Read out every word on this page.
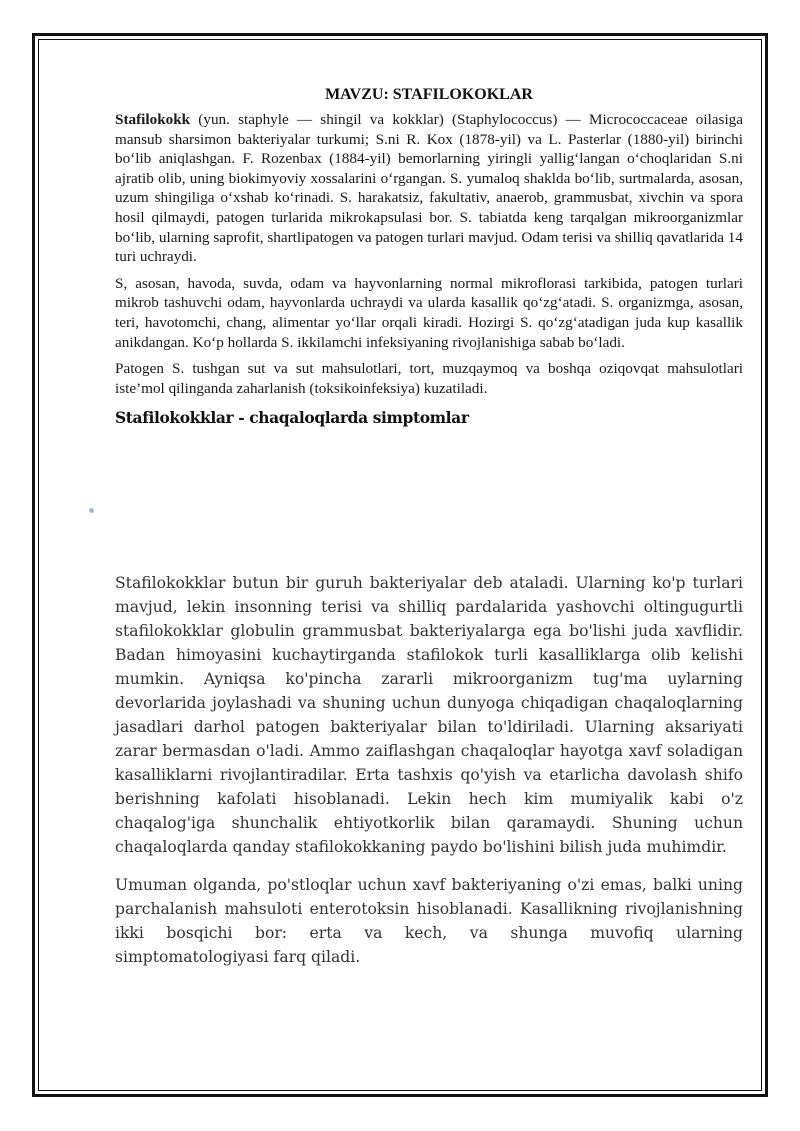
MAVZU: STAFILOKOKLAR

Stafilokokk (yun. staphyle — shingil va kokklar) (Staphylococcus) — Micrococcaceae oilasiga mansub sharsimon bakteriyalar turkumi; S.ni R. Kox (1878-yil) va L. Pasterlar (1880-yil) birinchi bo‘lib aniqlashgan. F. Rozenbax (1884-yil) bemorlarning yiringli yallig‘langan o‘choqlaridan S.ni ajratib olib, uning biokimyoviy xossalarini o‘rgangan. S. yumaloq shaklda bo‘lib, surtmalarda, asosan, uzum shingiliga o‘xshab ko‘rinadi. S. harakatsiz, fakultativ, anaerob, grammusbat, xivchin va spora hosil qilmaydi, patogen turlarida mikrokapsulasi bor. S. tabiatda keng tarqalgan mikroorganizmlar bo‘lib, ularning saprofit, shartlipatogen va patogen turlari mavjud. Odam terisi va shilliq qavatlarida 14 turi uchraydi.

S, asosan, havoda, suvda, odam va hayvonlarning normal mikroflorasi tarkibida, patogen turlari mikrob tashuvchi odam, hayvonlarda uchraydi va ularda kasallik qo‘zg‘atadi. S. organizmga, asosan, teri, havotomchi, chang, alimentar yo‘llar orqali kiradi. Hozirgi S. qo‘zg‘atadigan juda kup kasallik anikdangan. Ko‘p hollarda S. ikkilamchi infeksiyaning rivojlanishiga sabab bo‘ladi.

Patogen S. tushgan sut va sut mahsulotlari, tort, muzqaymoq va boshqa oziqovqat mahsulotlari iste’mol qilinganda zaharlanish (toksikoinfeksiya) kuzatiladi.

Stafilokokklar - chaqaloqlarda simptomlar

Stafilokokklar butun bir guruh bakteriyalar deb ataladi. Ularning ko'p turlari mavjud, lekin insonning terisi va shilliq pardalarida yashovchi oltingugurtli stafilokokklar globulin grammusbat bakteriyalarga ega bo'lishi juda xavflidir. Badan himoyasini kuchaytirganda stafilokok turli kasalliklarga olib kelishi mumkin. Ayniqsa ko'pincha zararli mikroorganizm tug'ma uylarning devorlarida joylashadi va shuning uchun dunyoga chiqadigan chaqaloqlarning jasadlari darhol patogen bakteriyalar bilan to'ldiriladi. Ularning aksariyati zarar bermasdan o'ladi. Ammo zaiflashgan chaqaloqlar hayotga xavf soladigan kasalliklarni rivojlantiradilar. Erta tashxis qo'yish va etarlicha davolash shifo berishning kafolati hisoblanadi. Lekin hech kim mumiyalik kabi o'z chaqalog'iga shunchalik ehtiyotkorlik bilan qaramaydi. Shuning uchun chaqaloqlarda qanday stafilokokkaning paydo bo'lishini bilish juda muhimdir.

Umuman olganda, po'stloqlar uchun xavf bakteriyaning o'zi emas, balki uning parchalanish mahsuloti enterotoksin hisoblanadi. Kasallikning rivojlanishning ikki bosqichi bor: erta va kech, va shunga muvofiq ularning simptomatologiyasi farq qiladi.
